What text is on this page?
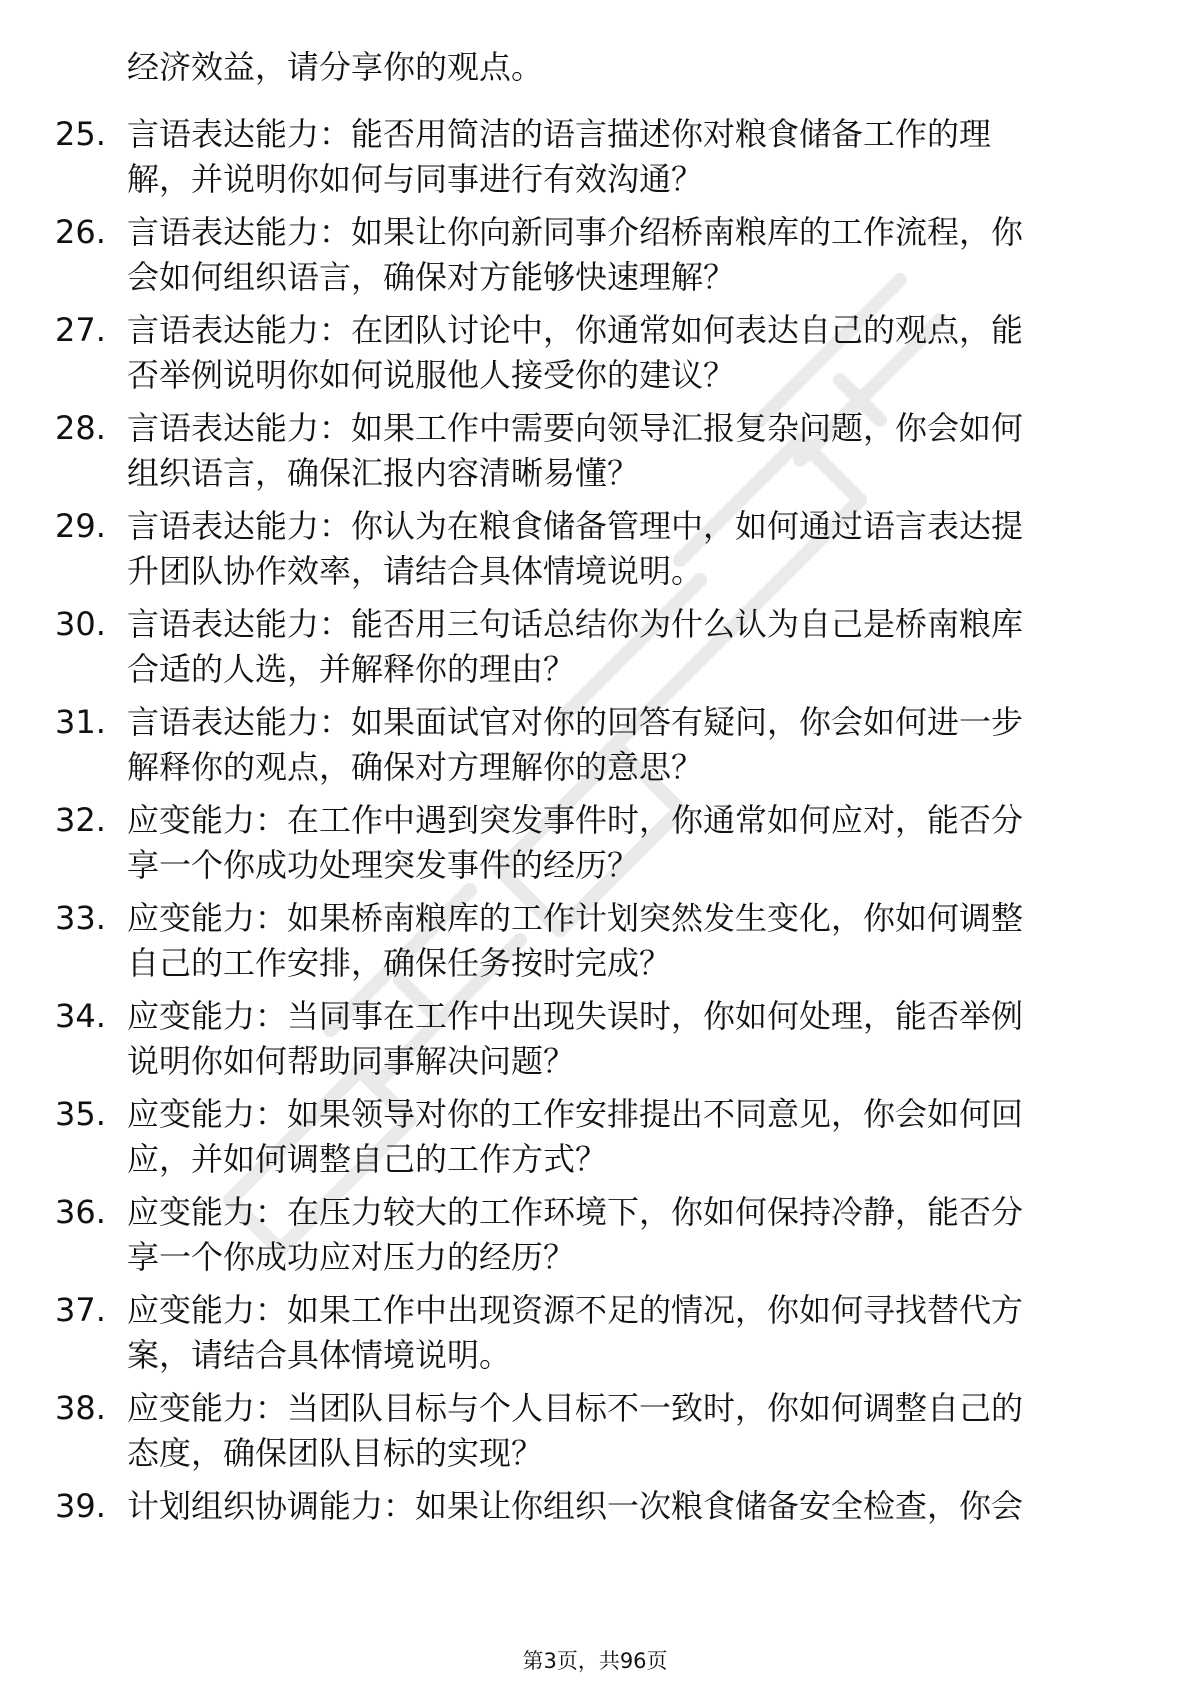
经济效益，请分享你的观点。
25. 言语表达能力：能否用简洁的语言描述你对粮食储备工作的理
解，并说明你如何与同事进行有效沟通？
26. 言语表达能力：如果让你向新同事介绍桥南粮库的工作流程，你
会如何组织语言，确保对方能够快速理解？
27. 言语表达能力：在团队讨论中，你通常如何表达自己的观点，能
否举例说明你如何说服他人接受你的建议？
28. 言语表达能力：如果工作中需要向领导汇报复杂问题，你会如何
组织语言，确保汇报内容清晰易懂？
29. 言语表达能力：你认为在粮食储备管理中，如何通过语言表达提
升团队协作效率，请结合具体情境说明。
30. 言语表达能力：能否用三句话总结你为什么认为自己是桥南粮库
合适的人选，并解释你的理由？
31. 言语表达能力：如果面试官对你的回答有疑问，你会如何进一步
解释你的观点，确保对方理解你的意思？
32. 应变能力：在工作中遇到突发事件时，你通常如何应对，能否分
享一个你成功处理突发事件的经历？
33. 应变能力：如果桥南粮库的工作计划突然发生变化，你如何调整
自己的工作安排，确保任务按时完成？
34. 应变能力：当同事在工作中出现失误时，你如何处理，能否举例
说明你如何帮助同事解决问题？
35. 应变能力：如果领导对你的工作安排提出不同意见，你会如何回
应，并如何调整自己的工作方式？
36. 应变能力：在压力较大的工作环境下，你如何保持冷静，能否分
享一个你成功应对压力的经历？
37. 应变能力：如果工作中出现资源不足的情况，你如何寻找替代方
案，请结合具体情境说明。
38. 应变能力：当团队目标与个人目标不一致时，你如何调整自己的
态度，确保团队目标的实现？
39. 计划组织协调能力：如果让你组织一次粮食储备安全检查，你会
第3页，共96页
